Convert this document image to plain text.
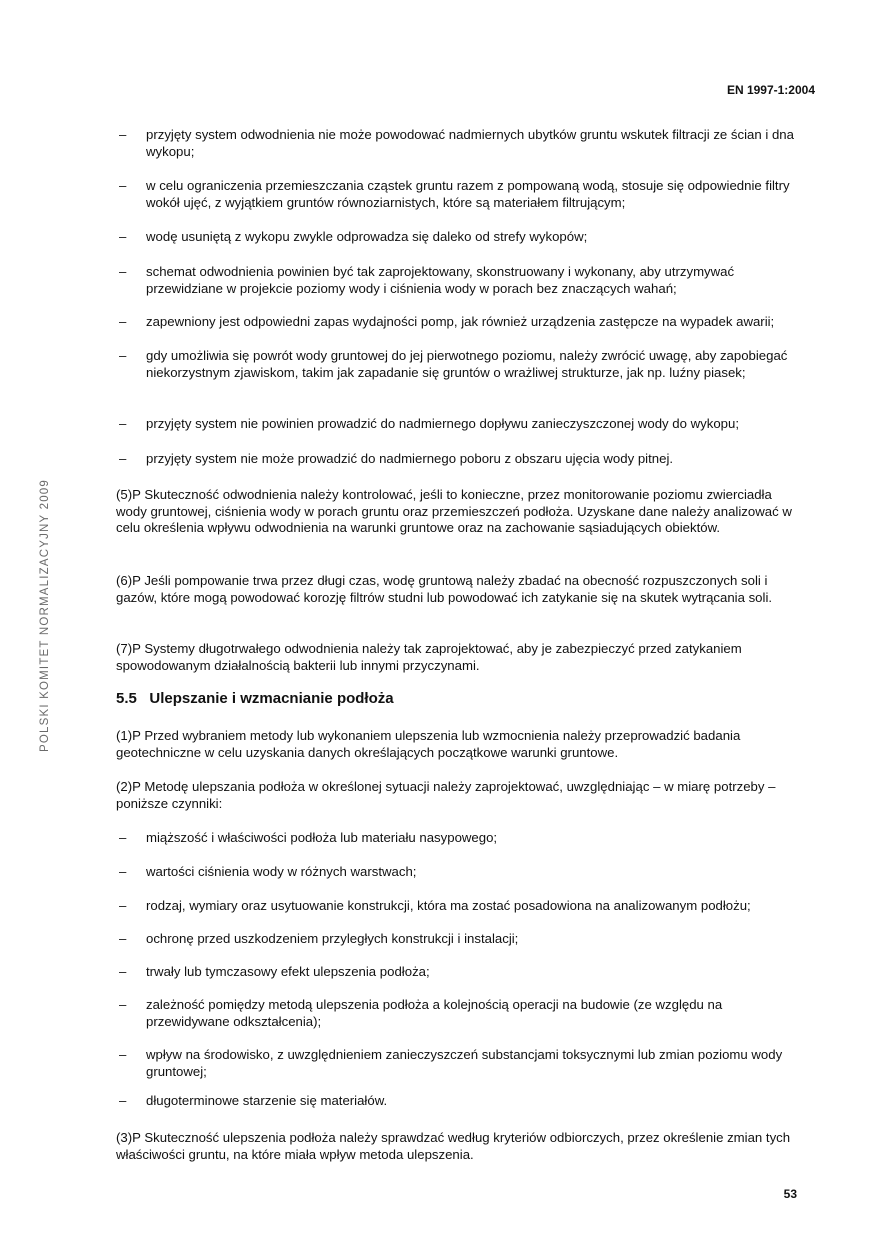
EN 1997-1:2004
POLSKI KOMITET NORMALIZACYJNY 2009
– przyjęty system odwodnienia nie może powodować nadmiernych ubytków gruntu wskutek filtracji ze ścian i dna wykopu;
– w celu ograniczenia przemieszczania cząstek gruntu razem z pompowaną wodą, stosuje się odpowiednie filtry wokół ujęć, z wyjątkiem gruntów równoziarnistych, które są materiałem filtrującym;
– wodę usuniętą z wykopu zwykle odprowadza się daleko od strefy wykopów;
– schemat odwodnienia powinien być tak zaprojektowany, skonstruowany i wykonany, aby utrzymywać przewidziane w projekcie poziomy wody i ciśnienia wody w porach bez znaczących wahań;
– zapewniony jest odpowiedni zapas wydajności pomp, jak również urządzenia zastępcze na wypadek awarii;
– gdy umożliwia się powrót wody gruntowej do jej pierwotnego poziomu, należy zwrócić uwagę, aby zapobiegać niekorzystnym zjawiskom, takim jak zapadanie się gruntów o wrażliwej strukturze, jak np. luźny piasek;
– przyjęty system nie powinien prowadzić do nadmiernego dopływu zanieczyszczonej wody do wykopu;
– przyjęty system nie może prowadzić do nadmiernego poboru z obszaru ujęcia wody pitnej.
(5)P Skuteczność odwodnienia należy kontrolować, jeśli to konieczne, przez monitorowanie poziomu zwierciadła wody gruntowej, ciśnienia wody w porach gruntu oraz przemieszczeń podłoża. Uzyskane dane należy analizować w celu określenia wpływu odwodnienia na warunki gruntowe oraz na zachowanie sąsiadujących obiektów.
(6)P Jeśli pompowanie trwa przez długi czas, wodę gruntową należy zbadać na obecność rozpuszczonych soli i gazów, które mogą powodować korozję filtrów studni lub powodować ich zatykanie się na skutek wytrącania soli.
(7)P Systemy długotrwałego odwodnienia należy tak zaprojektować, aby je zabezpieczyć przed zatykaniem spowodowanym działalnością bakterii lub innymi przyczynami.
5.5 Ulepszanie i wzmacnianie podłoża
(1)P Przed wybraniem metody lub wykonaniem ulepszenia lub wzmocnienia należy przeprowadzić badania geotechniczne w celu uzyskania danych określających początkowe warunki gruntowe.
(2)P Metodę ulepszania podłoża w określonej sytuacji należy zaprojektować, uwzględniając – w miarę potrzeby – poniższe czynniki:
– miąższość i właściwości podłoża lub materiału nasypowego;
– wartości ciśnienia wody w różnych warstwach;
– rodzaj, wymiary oraz usytuowanie konstrukcji, która ma zostać posadowiona na analizowanym podłożu;
– ochronę przed uszkodzeniem przyległych konstrukcji i instalacji;
– trwały lub tymczasowy efekt ulepszenia podłoża;
– zależność pomiędzy metodą ulepszenia podłoża a kolejnością operacji na budowie (ze względu na przewidywane odkształcenia);
– wpływ na środowisko, z uwzględnieniem zanieczyszczeń substancjami toksycznymi lub zmian poziomu wody gruntowej;
– długoterminowe starzenie się materiałów.
(3)P Skuteczność ulepszenia podłoża należy sprawdzać według kryteriów odbiorczych, przez określenie zmian tych właściwości gruntu, na które miała wpływ metoda ulepszenia.
53
